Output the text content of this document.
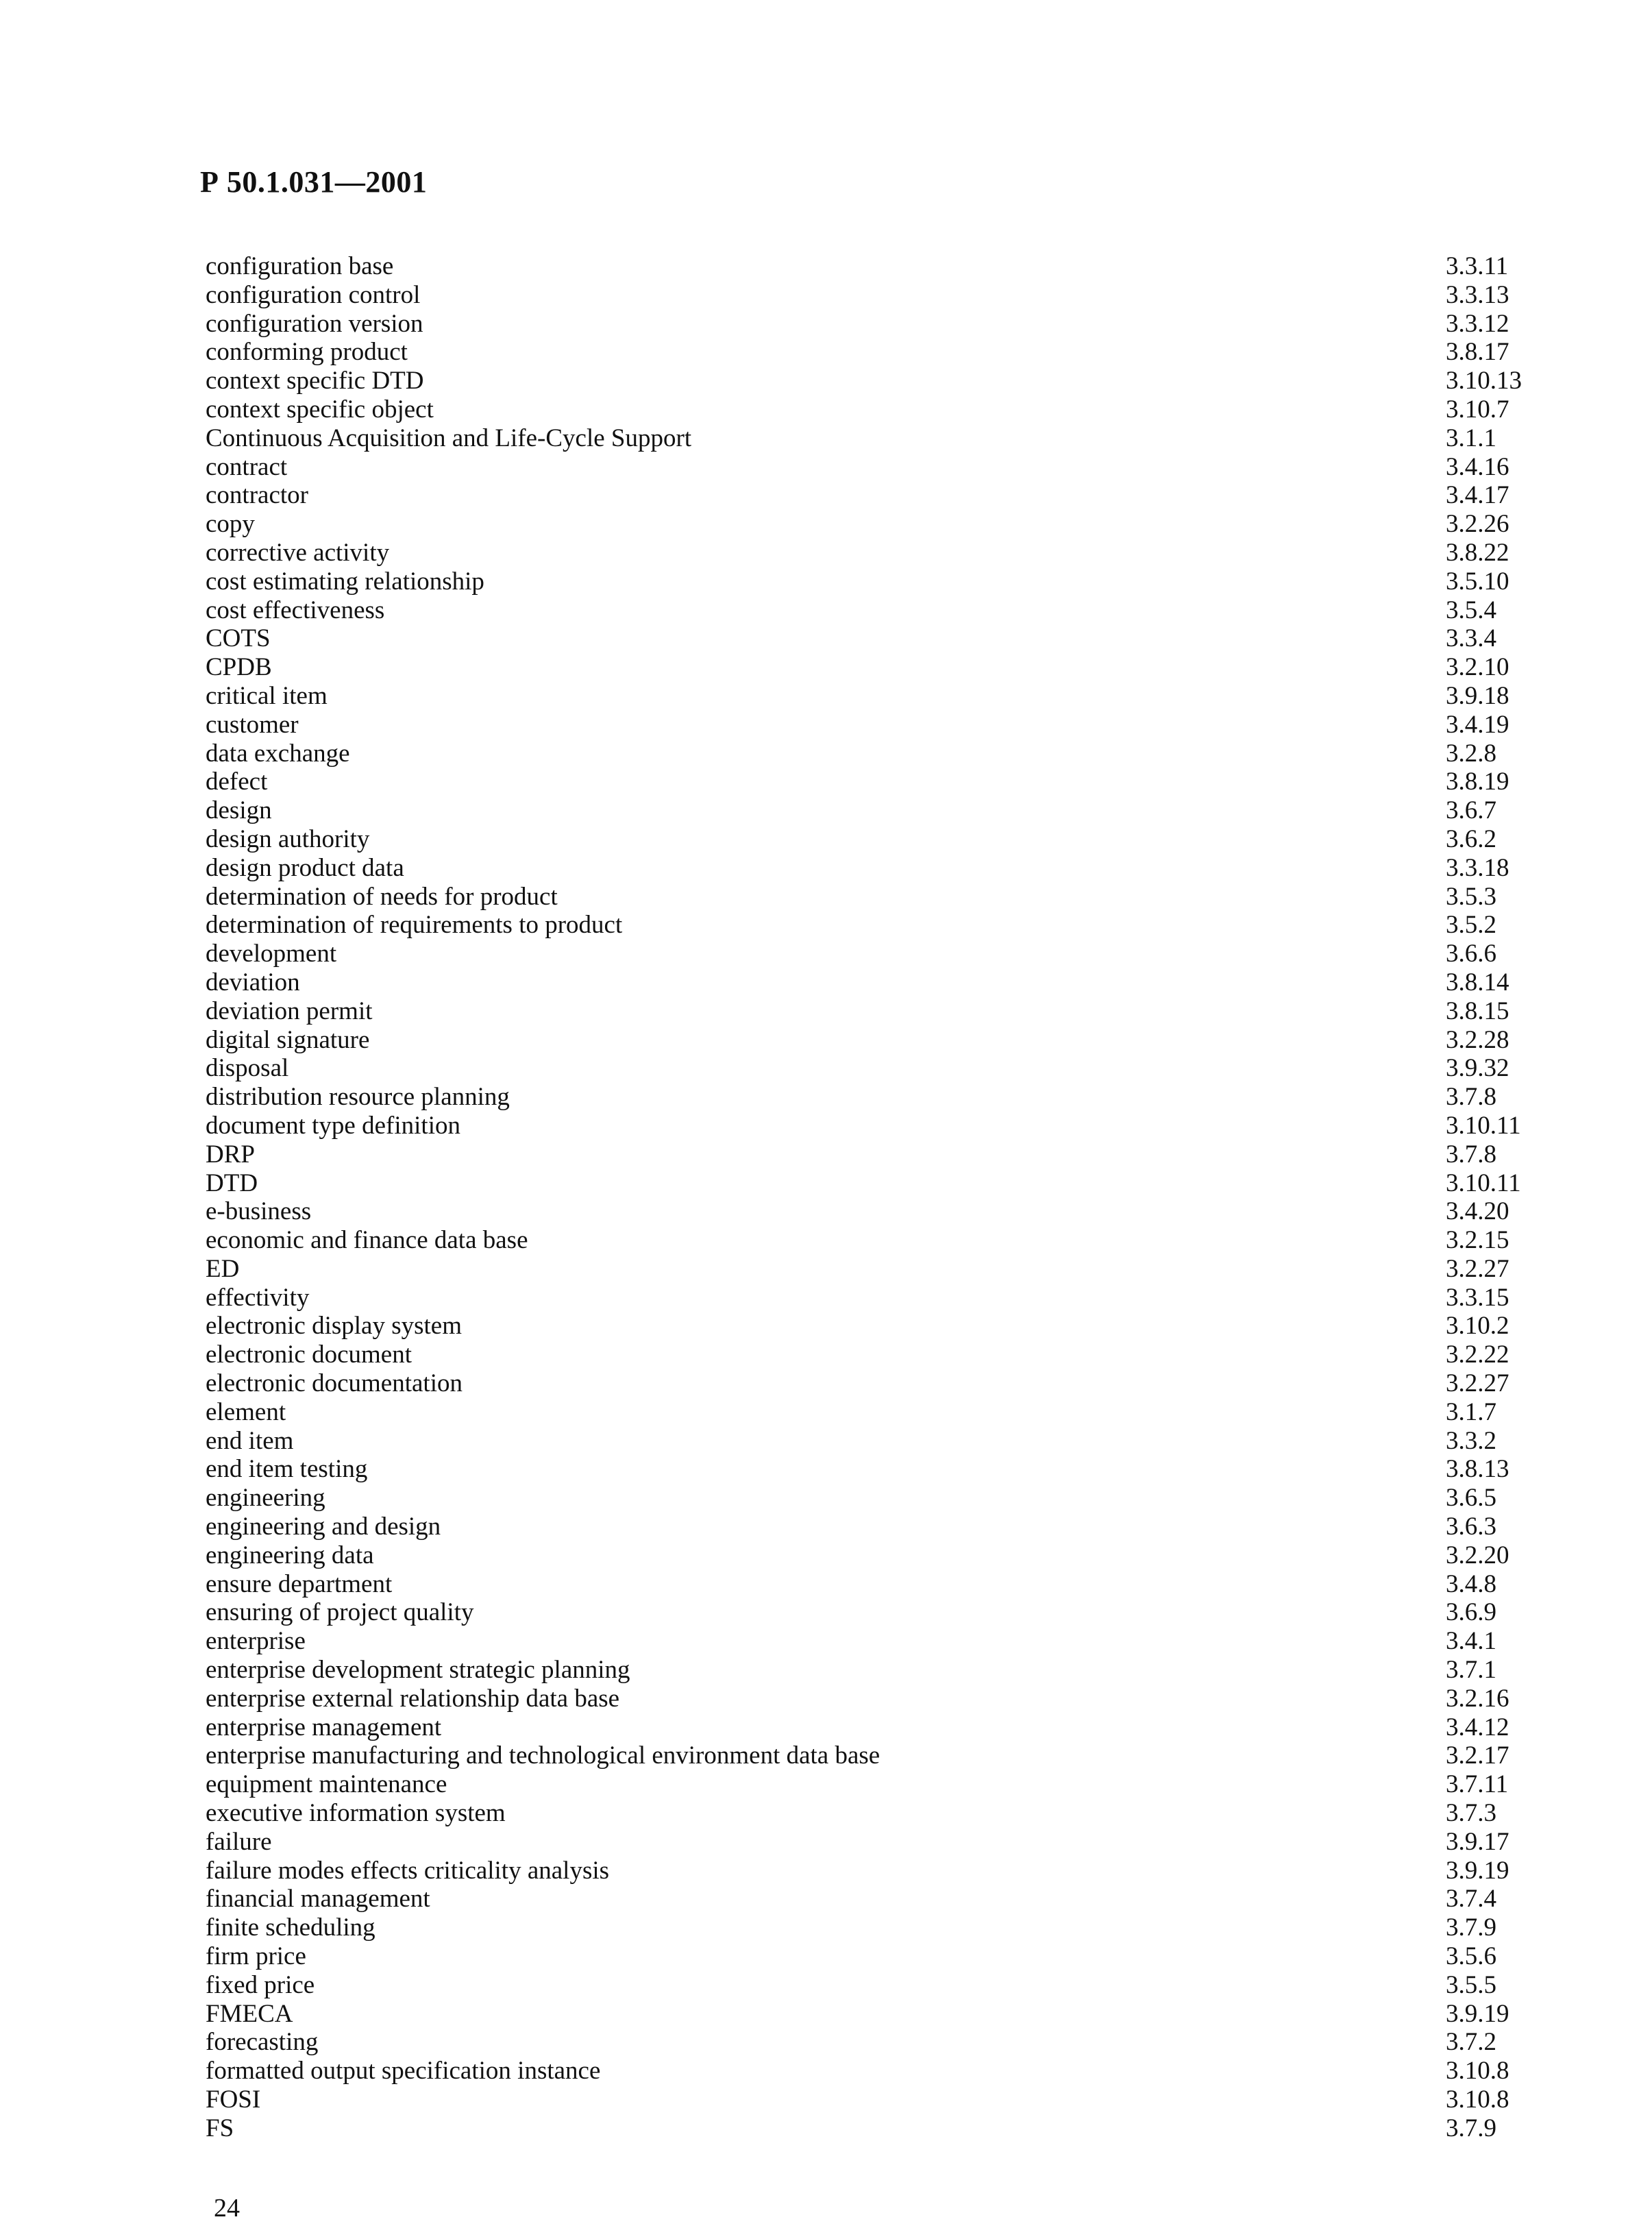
Р 50.1.031—2001
configuration base	3.3.11
configuration control	3.3.13
configuration version	3.3.12
conforming product	3.8.17
context specific DTD	3.10.13
context specific object	3.10.7
Continuous Acquisition and Life-Cycle Support	3.1.1
contract	3.4.16
contractor	3.4.17
copy	3.2.26
corrective activity	3.8.22
cost estimating relationship	3.5.10
cost effectiveness	3.5.4
COTS	3.3.4
CPDB	3.2.10
critical item	3.9.18
customer	3.4.19
data exchange	3.2.8
defect	3.8.19
design	3.6.7
design authority	3.6.2
design product data	3.3.18
determination of needs for product	3.5.3
determination of requirements to product	3.5.2
development	3.6.6
deviation	3.8.14
deviation permit	3.8.15
digital signature	3.2.28
disposal	3.9.32
distribution resource planning	3.7.8
document type definition	3.10.11
DRP	3.7.8
DTD	3.10.11
e-business	3.4.20
economic and finance data base	3.2.15
ED	3.2.27
effectivity	3.3.15
electronic display system	3.10.2
electronic document	3.2.22
electronic documentation	3.2.27
element	3.1.7
end item	3.3.2
end item testing	3.8.13
engineering	3.6.5
engineering and design	3.6.3
engineering data	3.2.20
ensure department	3.4.8
ensuring of project quality	3.6.9
enterprise	3.4.1
enterprise development strategic planning	3.7.1
enterprise external relationship data base	3.2.16
enterprise management	3.4.12
enterprise manufacturing and technological environment data base	3.2.17
equipment maintenance	3.7.11
executive information system	3.7.3
failure	3.9.17
failure modes effects criticality analysis	3.9.19
financial management	3.7.4
finite scheduling	3.7.9
firm price	3.5.6
fixed price	3.5.5
FMECA	3.9.19
forecasting	3.7.2
formatted output specification instance	3.10.8
FOSI	3.10.8
FS	3.7.9
24
